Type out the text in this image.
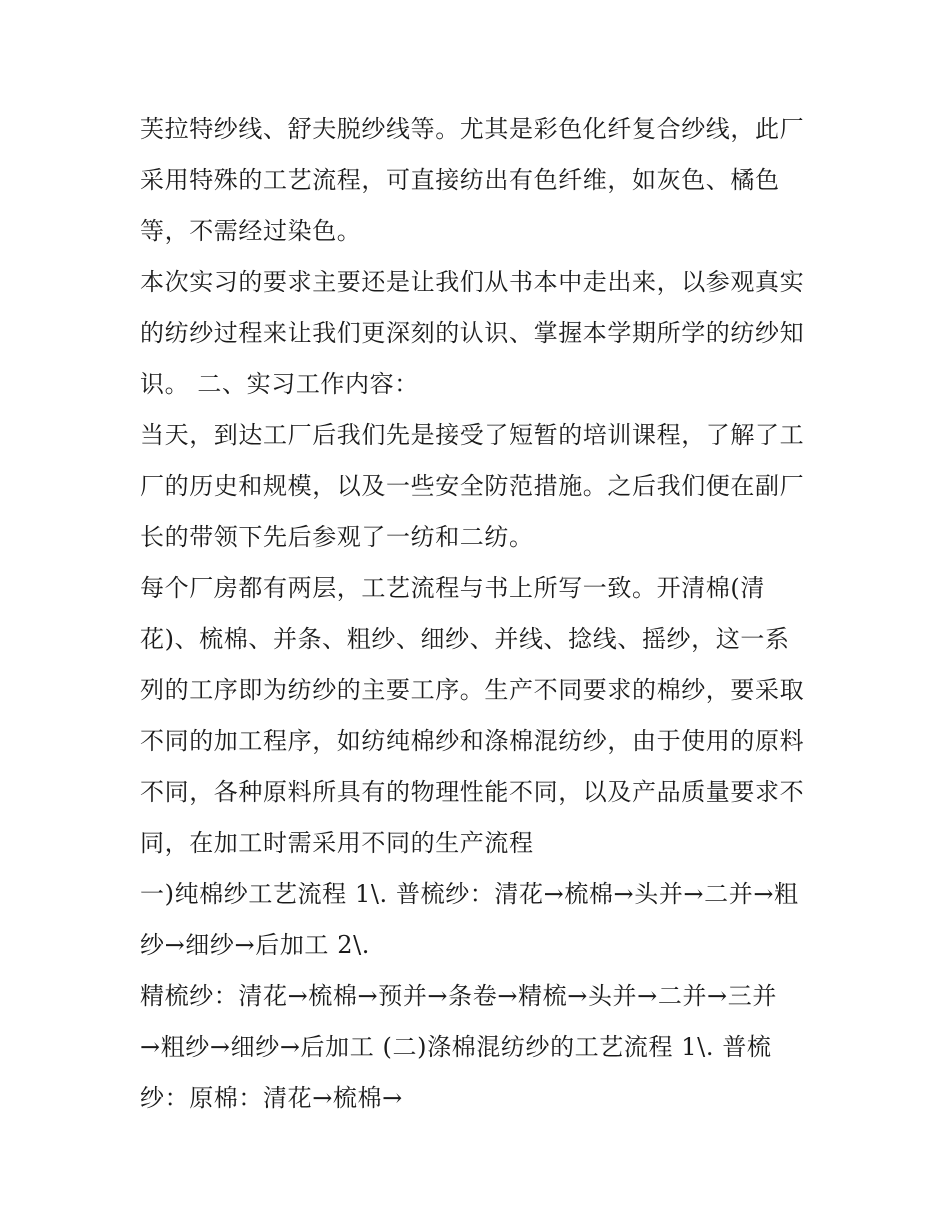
芙拉特纱线、舒夫脱纱线等。尤其是彩色化纤复合纱线，此厂
采用特殊的工艺流程，可直接纺出有色纤维，如灰色、橘色
等，不需经过染色。
本次实习的要求主要还是让我们从书本中走出来，以参观真实
的纺纱过程来让我们更深刻的认识、掌握本学期所学的纺纱知
识。 二、实习工作内容：
当天，到达工厂后我们先是接受了短暂的培训课程，了解了工
厂的历史和规模，以及一些安全防范措施。之后我们便在副厂
长的带领下先后参观了一纺和二纺。
每个厂房都有两层，工艺流程与书上所写一致。开清棉(清
花)、梳棉、并条、粗纱、细纱、并线、捻线、摇纱，这一系
列的工序即为纺纱的主要工序。生产不同要求的棉纱，要采取
不同的加工程序，如纺纯棉纱和涤棉混纺纱，由于使用的原料
不同，各种原料所具有的物理性能不同，以及产品质量要求不
同，在加工时需采用不同的生产流程
一)纯棉纱工艺流程 1\. 普梳纱：清花→梳棉→头并→二并→粗
纱→细纱→后加工 2\.
精梳纱：清花→梳棉→预并→条卷→精梳→头并→二并→三并
→粗纱→细纱→后加工 (二)涤棉混纺纱的工艺流程 1\. 普梳
纱：原棉：清花→梳棉→
